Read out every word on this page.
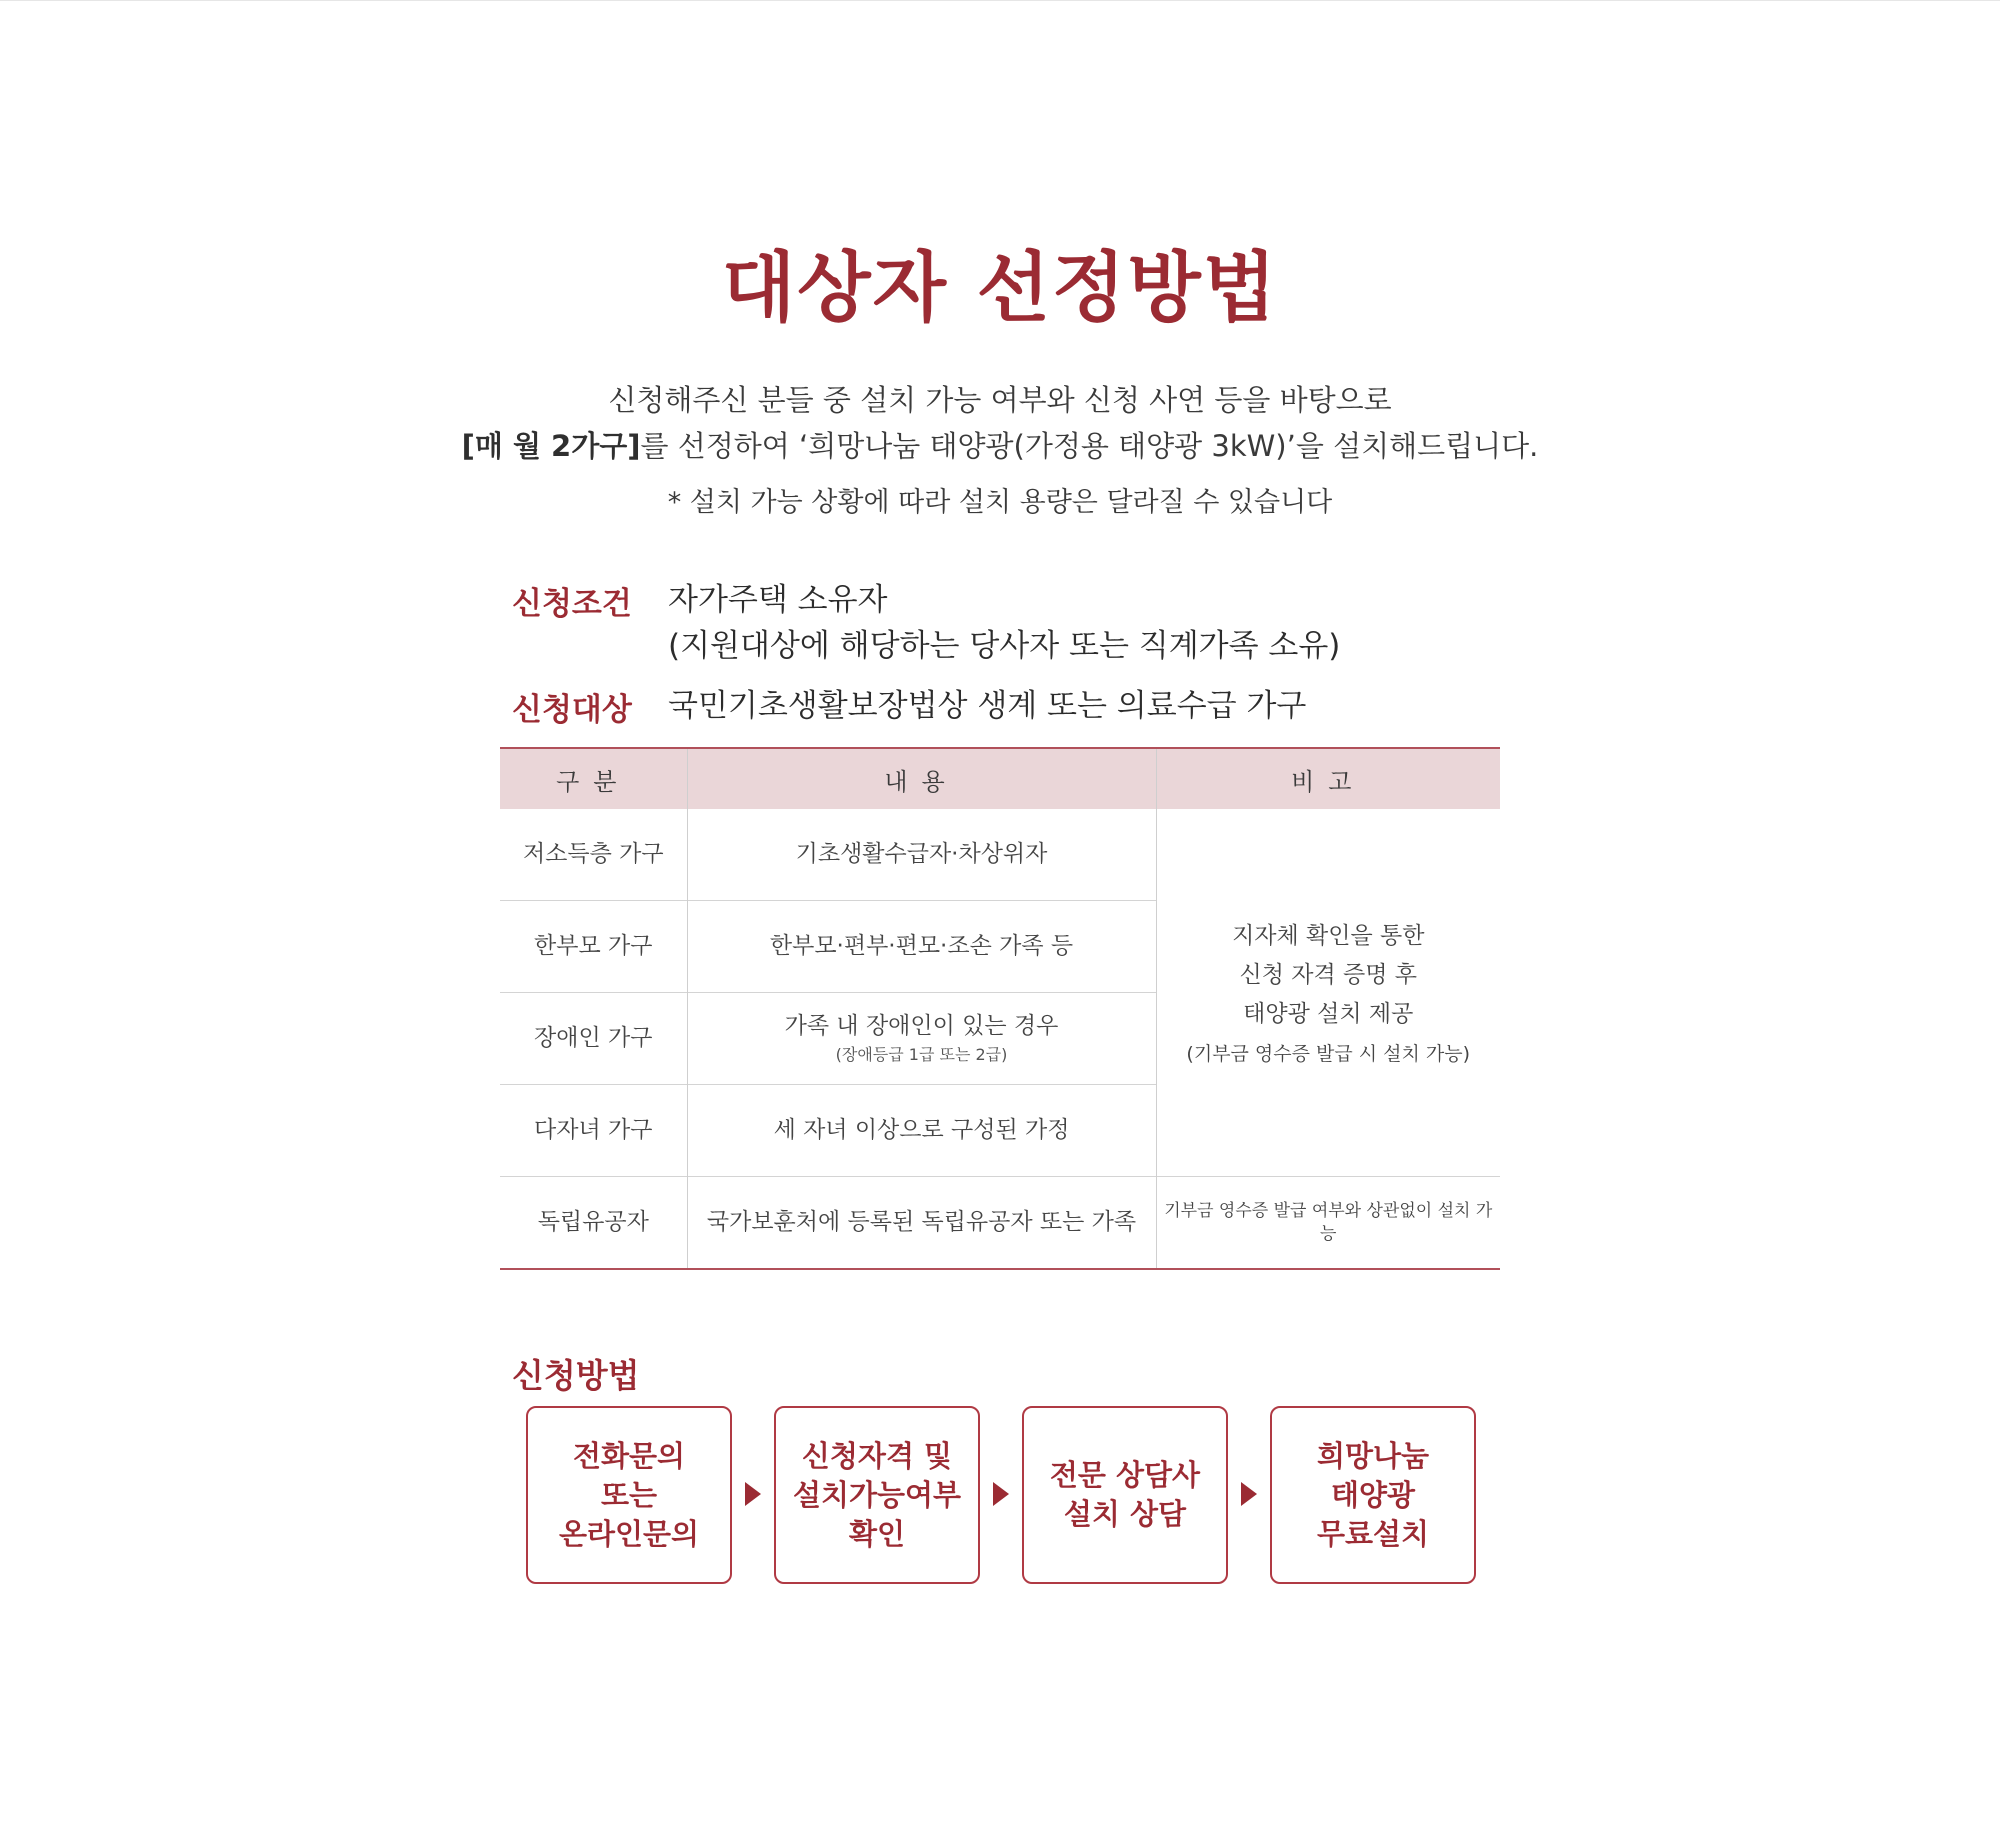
대상자 선정방법
신청해주신 분들 중 설치 가능 여부와 신청 사연 등을 바탕으로
[매 월 2가구]를 선정하여 ‘희망나눔 태양광(가정용 태양광 3kW)’을 설치해드립니다.
* 설치 가능 상황에 따라 설치 용량은 달라질 수 있습니다
신청조건 자가주택 소유자
(지원대상에 해당하는 당사자 또는 직계가족 소유)
신청대상 국민기초생활보장법상 생계 또는 의료수급 가구
구분	내용	비고
저소득층 가구	기초생활수급자·차상위자	지자체 확인을 통한
신청 자격 증명 후
태양광 설치 제공
(기부금 영수증 발급 시 설치 가능)

한부모 가구	한부모·편부·편모·조손 가족 등	
장애인 가구	가족 내 장애인이 있는 경우
(장애등급 1급 또는 2급)	

다자녀 가구	세 자녀 이상으로 구성된 가정	
독립유공자	국가보훈처에 등록된 독립유공자 또는 가족	기부금 영수증 발급 여부와 상관없이 설치 가능
신청방법
전화문의
또는
온라인문의
신청자격 및
설치가능여부
확인
전문 상담사
설치 상담
희망나눔
태양광
무료설치
